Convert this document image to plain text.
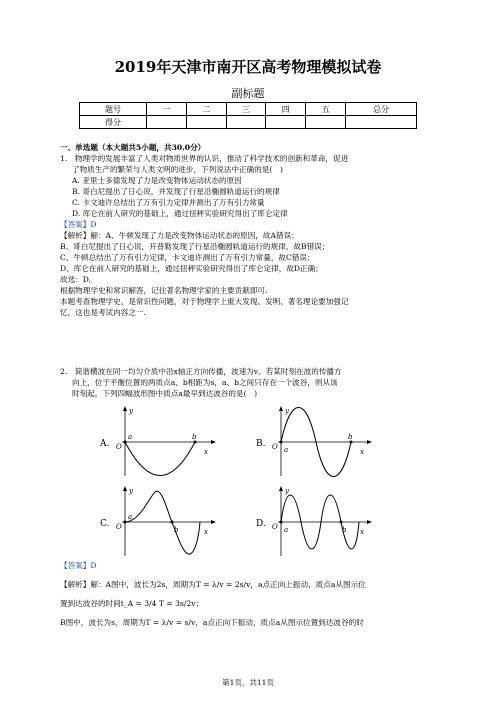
2019年天津市南开区高考物理模拟试卷
副标题
题号	一	二	三	四	五	总分
得分						
一、单选题（本大题共5小题，共30.0分）
1.　物理学的发展丰富了人类对物质世界的认识，推动了科学技术的创新和革命，促进
了物质生产的繁荣与人类文明的进步，下列说法中正确的是(　)
A. 亚里士多德发现了力是改变物体运动状态的原因
B. 哥白尼提出了日心说，并发现了行星沿椭圆轨道运行的规律
C. 卡文迪许总结出了万有引力定律并测出了万有引力常量
D. 库仑在前人研究的基础上，通过扭秤实验研究得出了库仑定律
【答案】D
【解析】解：A、牛顿发现了力是改变物体运动状态的原因，故A错误；
B、哥白尼提出了日心说，开普勒发现了行星沿椭圆轨道运行的规律，故B错误；
C、牛顿总结出了万有引力定律，卡文迪许测出了万有引力常量，故C错误；
D、库仑在前人研究的基础上，通过扭秤实验研究得出了库仑定律，故D正确；
故选：D。
根据物理学史和常识解答，记住著名物理学家的主要贡献即可.
本题考查物理学史，是常识性问题，对于物理学上重大发现、发明、著名理论要加强记
忆，这也是考试内容之一.
2.　简谐横波在同一均匀介质中沿x轴正方向传播，波速为v。若某时刻在波的传播方
向上，位于平衡位置的两质点a、b相距为s，a、b之间只存在一个波谷，则从该
时刻起，下列四幅波形图中质点a最早到达波谷的是(　)
A.
y
O
a	b
x
B.
y
O a
b
x
C.
y
O
a
b	x
D.
y
O a	b x
【答案】D
【解析】解：A图中，波长为2s，周期为T = λ/v = 2s/v，a点正向上振动，质点a从图示位
置到达波谷的时间t_A = 3/4 T = 3s/2v；
B图中，波长为s，周期为T = λ/v = s/v，a点正向下振动，质点a从图示位置到达波谷的时
第1页，共11页
